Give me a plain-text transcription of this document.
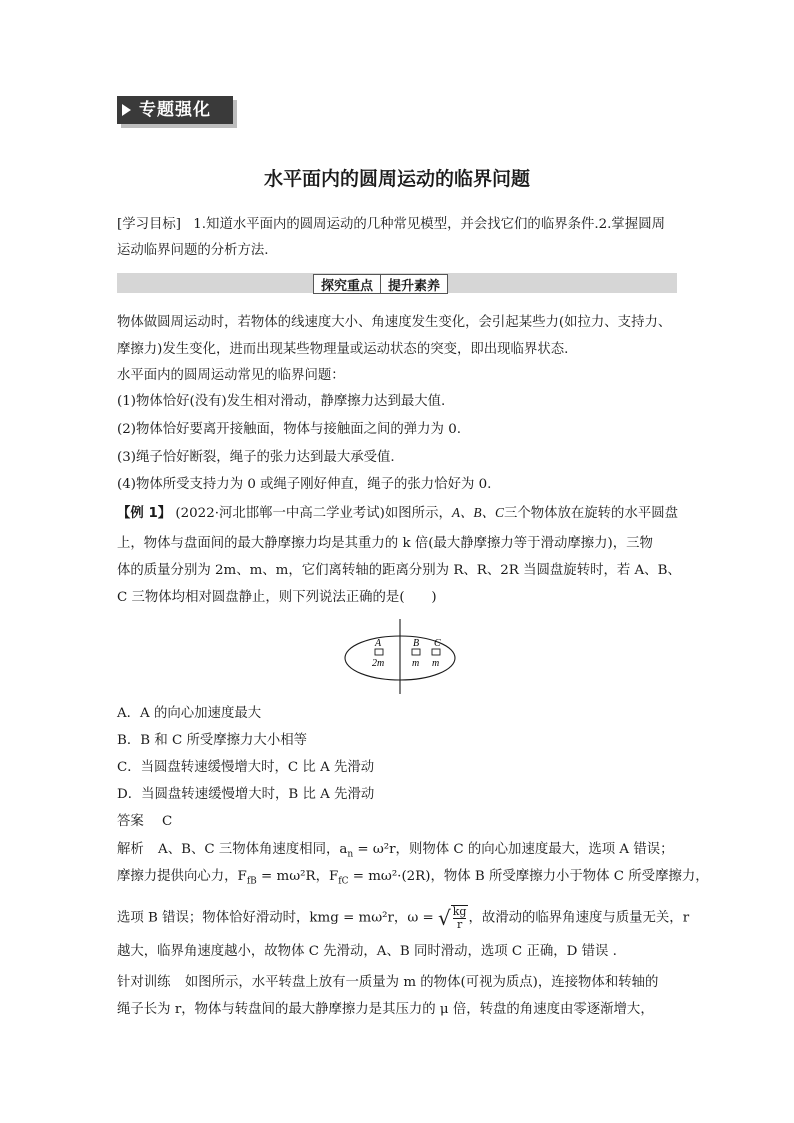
专题强化
水平面内的圆周运动的临界问题
[学习目标] 1.知道水平面内的圆周运动的几种常见模型，并会找它们的临界条件.2.掌握圆周
运动临界问题的分析方法.
探究重点	提升素养
物体做圆周运动时，若物体的线速度大小、角速度发生变化，会引起某些力(如拉力、支持力、
摩擦力)发生变化，进而出现某些物理量或运动状态的突变，即出现临界状态.
水平面内的圆周运动常见的临界问题：
(1)物体恰好(没有)发生相对滑动，静摩擦力达到最大值.
(2)物体恰好要离开接触面，物体与接触面之间的弹力为 0.
(3)绳子恰好断裂，绳子的张力达到最大承受值.
(4)物体所受支持力为 0 或绳子刚好伸直，绳子的张力恰好为 0.
【例 1】 (2022·河北邯郸一中高二学业考试)如图所示，A、B、C三个物体放在旋转的水平圆盘
上，物体与盘面间的最大静摩擦力均是其重力的 k 倍(最大静摩擦力等于滑动摩擦力)，三物
体的质量分别为 2m、m、m，它们离转轴的距离分别为 R、R、2R 当圆盘旋转时，若 A、B、
C 三物体均相对圆盘静止，则下列说法正确的是(　　)
A	B C
2m	m m
A．A 的向心加速度最大
B．B 和 C 所受摩擦力大小相等
C．当圆盘转速缓慢增大时，C 比 A 先滑动
D．当圆盘转速缓慢增大时，B 比 A 先滑动
答案 C
解析 A、B、C 三物体角速度相同，$a_n = \omega^2r$，则物体 C 的向心加速度最大，选项 A 错误；
摩擦力提供向心力，$F_{fB} = m\omega^2R$，$F_{fC} = m\omega^2\cdot(2R)$，物体 B 所受摩擦力小于物体 C 所受摩擦力，
选项 B 错误；物体恰好滑动时，kmg = mω²r，ω = √ $\frac{kg}{r}$，故滑动的临界角速度与质量无关，r
越大，临界角速度越小，故物体 C 先滑动，A、B 同时滑动，选项 C 正确，D 错误 .
针对训练 如图所示，水平转盘上放有一质量为 m 的物体(可视为质点)，连接物体和转轴的
绳子长为 r，物体与转盘间的最大静摩擦力是其压力的 μ 倍，转盘的角速度由零逐渐增大，
